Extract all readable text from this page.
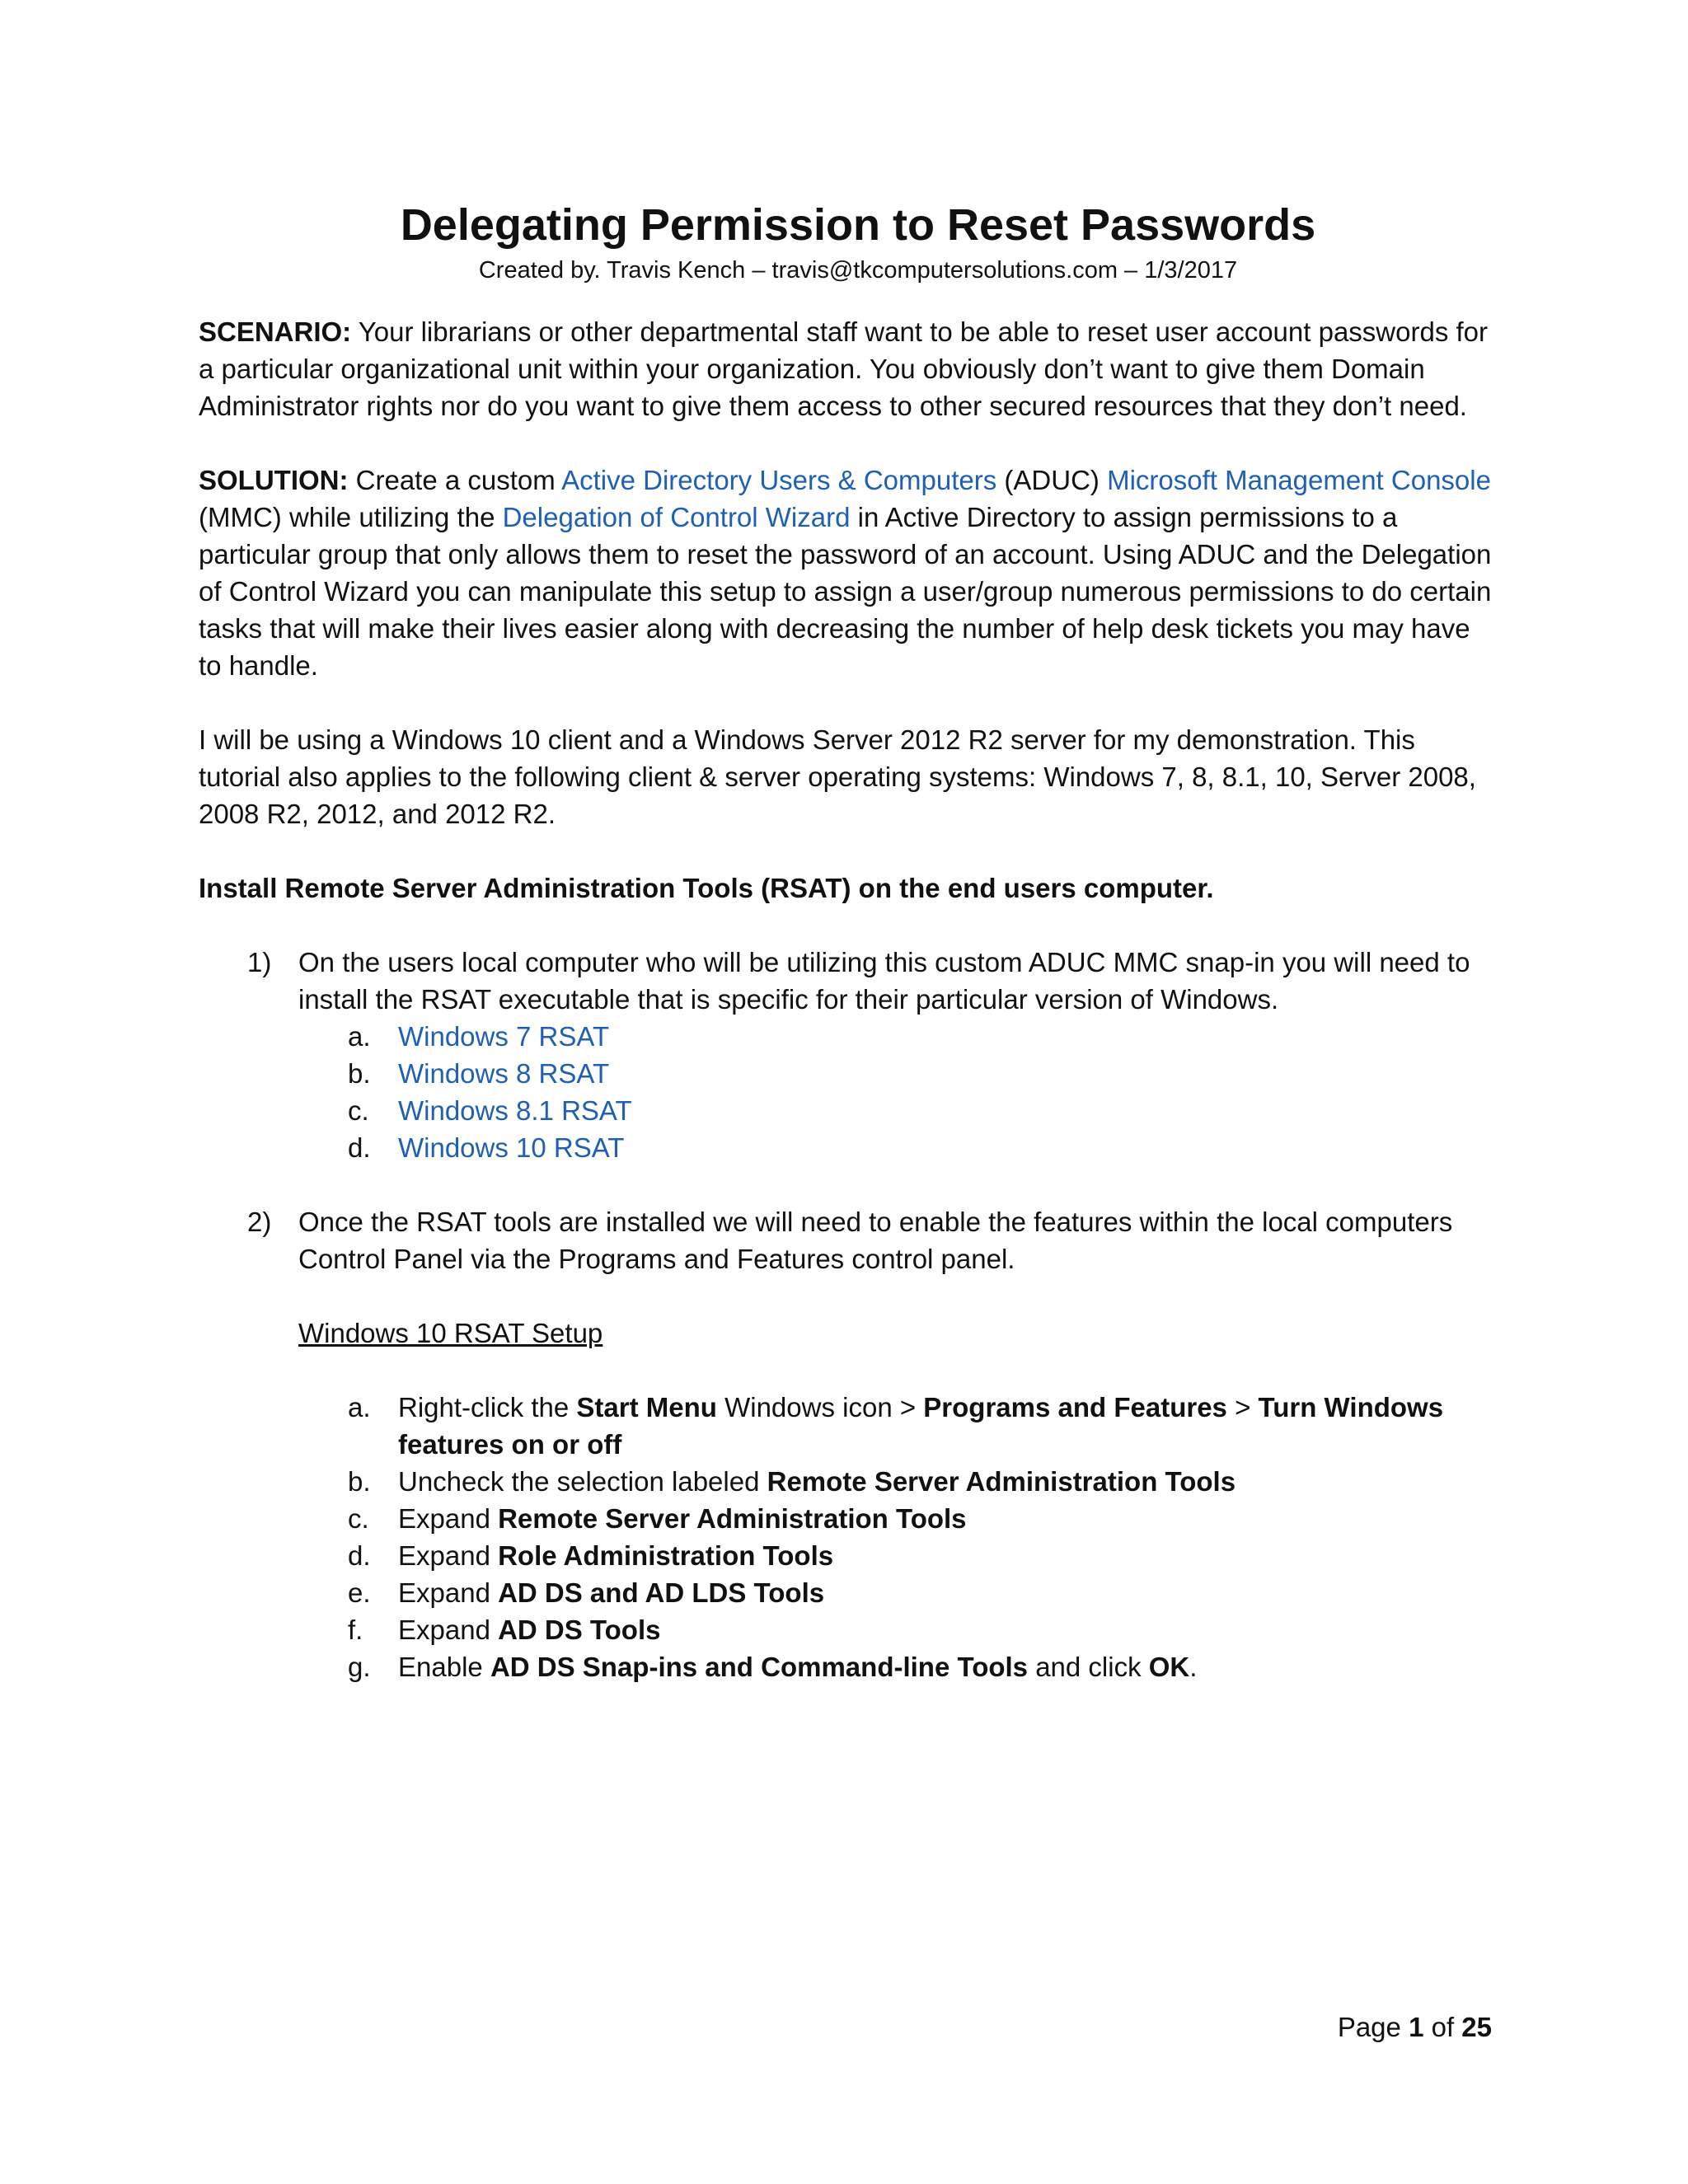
Delegating Permission to Reset Passwords
Created by. Travis Kench – travis@tkcomputersolutions.com – 1/3/2017

SCENARIO: Your librarians or other departmental staff want to be able to reset user account passwords for a particular organizational unit within your organization. You obviously don’t want to give them Domain Administrator rights nor do you want to give them access to other secured resources that they don’t need.

SOLUTION: Create a custom Active Directory Users & Computers (ADUC) Microsoft Management Console (MMC) while utilizing the Delegation of Control Wizard in Active Directory to assign permissions to a particular group that only allows them to reset the password of an account. Using ADUC and the Delegation of Control Wizard you can manipulate this setup to assign a user/group numerous permissions to do certain tasks that will make their lives easier along with decreasing the number of help desk tickets you may have to handle.

I will be using a Windows 10 client and a Windows Server 2012 R2 server for my demonstration. This tutorial also applies to the following client & server operating systems: Windows 7, 8, 8.1, 10, Server 2008, 2008 R2, 2012, and 2012 R2.

Install Remote Server Administration Tools (RSAT) on the end users computer.
1) On the users local computer who will be utilizing this custom ADUC MMC snap-in you will need to install the RSAT executable that is specific for their particular version of Windows.
a. Windows 7 RSAT
b. Windows 8 RSAT
c. Windows 8.1 RSAT
d. Windows 10 RSAT
2) Once the RSAT tools are installed we will need to enable the features within the local computers Control Panel via the Programs and Features control panel.
Windows 10 RSAT Setup
a. Right-click the Start Menu Windows icon > Programs and Features > Turn Windows features on or off
b. Uncheck the selection labeled Remote Server Administration Tools
c. Expand Remote Server Administration Tools
d. Expand Role Administration Tools
e. Expand AD DS and AD LDS Tools
f. Expand AD DS Tools
g. Enable AD DS Snap-ins and Command-line Tools and click OK.
Page 1 of 25
